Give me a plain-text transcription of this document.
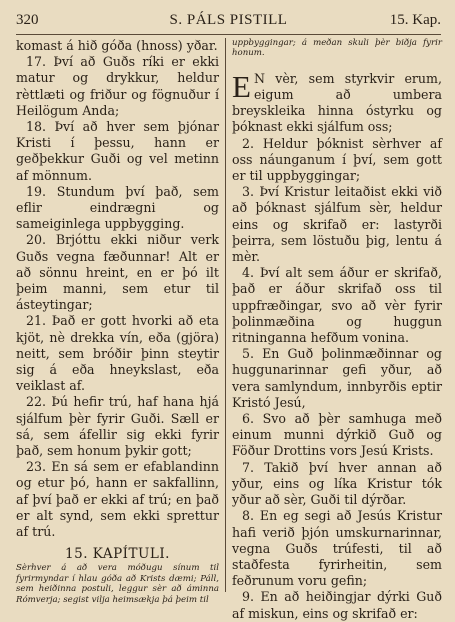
320	S. PÁLS PISTILL	15. Kap.

komast á hið góða (hnoss) yðar.

17. Því að Guðs ríki er ekki matur og drykkur, heldur rèttlæti og friður og fögnuður í Heilögum Anda;

18. Því að hver sem þjónar Kristi í þessu, hann er geðþekkur Guði og vel metinn af mönnum.

19. Stundum því það, sem eflir eindrægni og sameiginlega uppbygging.

20. Brjóttu ekki niður verk Guðs vegna fæðunnar! Alt er að sönnu hreint, en er þó ilt þeim manni, sem etur til ásteytingar;

21. Það er gott hvorki að eta kjöt, nè drekka vín, eða (gjöra) neitt, sem bróðir þinn steytir sig á eða hneykslast, eða veiklast af.

22. Þú hefir trú, haf hana hjá sjálfum þèr fyrir Guði. Sæll er sá, sem áfellir sig ekki fyrir það, sem honum þykir gott;

23. En sá sem er efablandinn og etur þó, hann er sakfallinn, af því það er ekki af trú; en það er alt synd, sem ekki sprettur af trú.

15. KAPÍTULI.

Sèrhver á að vera móðugu sínum til fyrirmyndar í hlau góða að Krists dæmi; Páll, sem heiðinna postuli, leggur sèr að áminna Rómverja; segist vilja heimsækja þá þeim til

uppbyggingar; á meðan skuli þèr biðja fyrir honum.

E N vèr, sem styrkvir erum, eigum að umbera breyskleika hinna óstyrku og þóknast ekki sjálfum oss;

2. Heldur þóknist sèrhver af oss náunganum í því, sem gott er til uppbyggingar;

3. Því Kristur leitaðist ekki við að þóknast sjálfum sèr, heldur eins og skrifað er: lastyrði þeirra, sem löstuðu þig, lentu á mèr.

4. Því alt sem áður er skrifað, það er áður skrifað oss til uppfræðingar, svo að vèr fyrir þolinmæðina og huggun ritninganna hefðum vonina.

5. En Guð þolinmæðinnar og huggunarinnar gefi yður, að vera samlyndum, innbyrðis eptir Kristó Jesú,

6. Svo að þèr samhuga með einum munni dýrkið Guð og Föður Drottins vors Jesú Krists.

7. Takið því hver annan að yður, eins og líka Kristur tók yður að sèr, Guði til dýrðar.

8. En eg segi að Jesús Kristur hafi verið þjón umskurnarinnar, vegna Guðs trúfesti, til að staðfesta fyrirheitin, sem feðrunum voru gefin;

9. En að heiðingjar dýrki Guð af miskun, eins og skrifað er:
